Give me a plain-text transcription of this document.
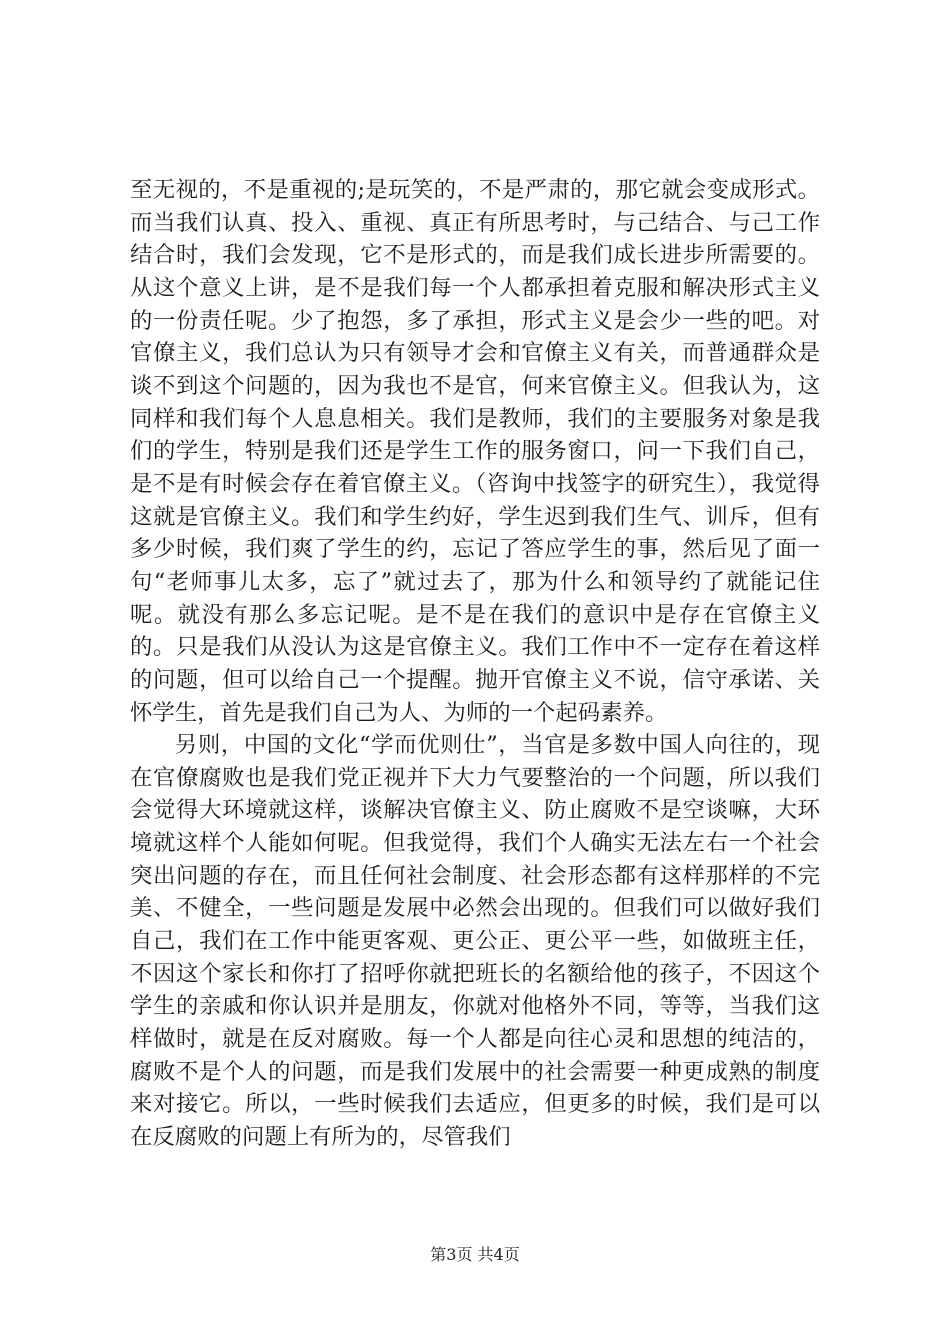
至无视的，不是重视的;是玩笑的，不是严肃的，那它就会变成形式。而当我们认真、投入、重视、真正有所思考时，与己结合、与己工作结合时，我们会发现，它不是形式的，而是我们成长进步所需要的。从这个意义上讲，是不是我们每一个人都承担着克服和解决形式主义的一份责任呢。少了抱怨，多了承担，形式主义是会少一些的吧。对官僚主义，我们总认为只有领导才会和官僚主义有关，而普通群众是谈不到这个问题的，因为我也不是官，何来官僚主义。但我认为，这同样和我们每个人息息相关。我们是教师，我们的主要服务对象是我们的学生，特别是我们还是学生工作的服务窗口，问一下我们自己，是不是有时候会存在着官僚主义。（咨询中找签字的研究生），我觉得这就是官僚主义。我们和学生约好，学生迟到我们生气、训斥，但有多少时候，我们爽了学生的约，忘记了答应学生的事，然后见了面一句“老师事儿太多，忘了”就过去了，那为什么和领导约了就能记住呢。就没有那么多忘记呢。是不是在我们的意识中是存在官僚主义的。只是我们从没认为这是官僚主义。我们工作中不一定存在着这样的问题，但可以给自己一个提醒。抛开官僚主义不说，信守承诺、关怀学生，首先是我们自己为人、为师的一个起码素养。

另则，中国的文化“学而优则仕”，当官是多数中国人向往的，现在官僚腐败也是我们党正视并下大力气要整治的一个问题，所以我们会觉得大环境就这样，谈解决官僚主义、防止腐败不是空谈嘛，大环境就这样个人能如何呢。但我觉得，我们个人确实无法左右一个社会突出问题的存在，而且任何社会制度、社会形态都有这样那样的不完美、不健全，一些问题是发展中必然会出现的。但我们可以做好我们自己，我们在工作中能更客观、更公正、更公平一些，如做班主任，不因这个家长和你打了招呼你就把班长的名额给他的孩子，不因这个学生的亲戚和你认识并是朋友，你就对他格外不同，等等，当我们这样做时，就是在反对腐败。每一个人都是向往心灵和思想的纯洁的，腐败不是个人的问题，而是我们发展中的社会需要一种更成熟的制度来对接它。所以，一些时候我们去适应，但更多的时候，我们是可以在反腐败的问题上有所为的，尽管我们

第3页 共4页
